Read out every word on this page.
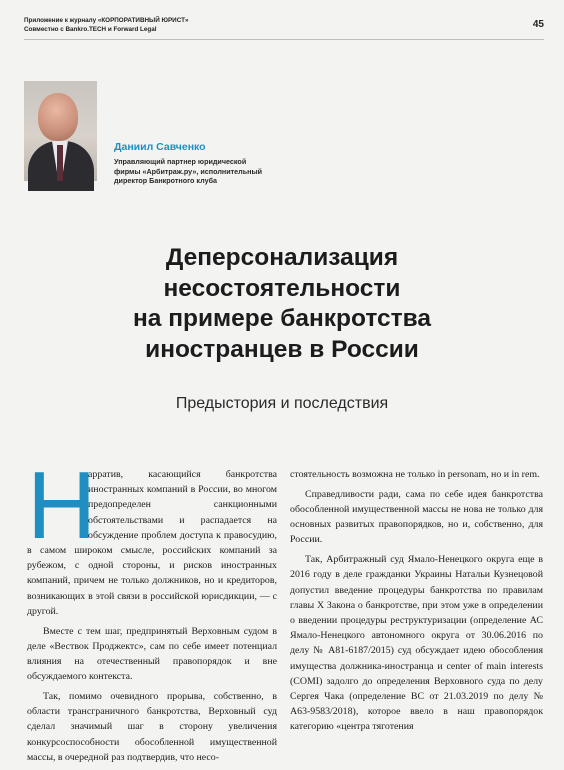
Приложение к журналу «КОРПОРАТИВНЫЙ ЮРИСТ»
Совместно с Bankro.TECH и Forward Legal	45
Даниил Савченко
Управляющий партнер юридической
фирмы «Арбитраж.ру», исполнительный
директор Банкротного клуба
Деперсонализация
несостоятельности
на примере банкротства
иностранцев в России
Предыстория и последствия

Н
арратив, касающийся банкротства иностранных компаний в России, во многом предопределен санкционными обстоятельствами и распадается на обсуждение проблем доступа к правосудию, в самом широком смысле, российских компаний за рубежом, с одной стороны, и рисков иностранных компаний, причем не только должников, но и кредиторов, возникающих в этой связи в российской юрисдикции, — с другой.

Вместе с тем шаг, предпринятый Верховным судом в деле «Вествок Проджектс», сам по себе имеет потенциал влияния на отечественный правопорядок и вне обсуждаемого контекста.

Так, помимо очевидного прорыва, собственно, в области трансграничного банкротства, Верховный суд сделал значимый шаг в сторону увеличения конкурсоспособности обособленной имущественной массы, в очередной раз подтвердив, что несо-

стоятельность возможна не только in personam, но и in rem.

Справедливости ради, сама по себе идея банкротства обособленной имущественной массы не нова не только для основных развитых правопорядков, но и, собственно, для России.

Так, Арбитражный суд Ямало-Ненецкого округа еще в 2016 году в деле гражданки Украины Натальи Кузнецовой допустил введение процедуры банкротства по правилам главы X Закона о банкротстве, при этом уже в определении о введении процедуры реструктуризации (определение АС Ямало-Ненецкого автономного округа от 30.06.2016 по делу № А81-6187/2015) суд обсуждает идею обособления имущества должника-иностранца и center of main interests (COMI) задолго до определения Верховного суда по делу Сергея Чака (определение ВС от 21.03.2019 по делу № А63-9583/2018), которое ввело в наш правопорядок категорию «центра тяготения
